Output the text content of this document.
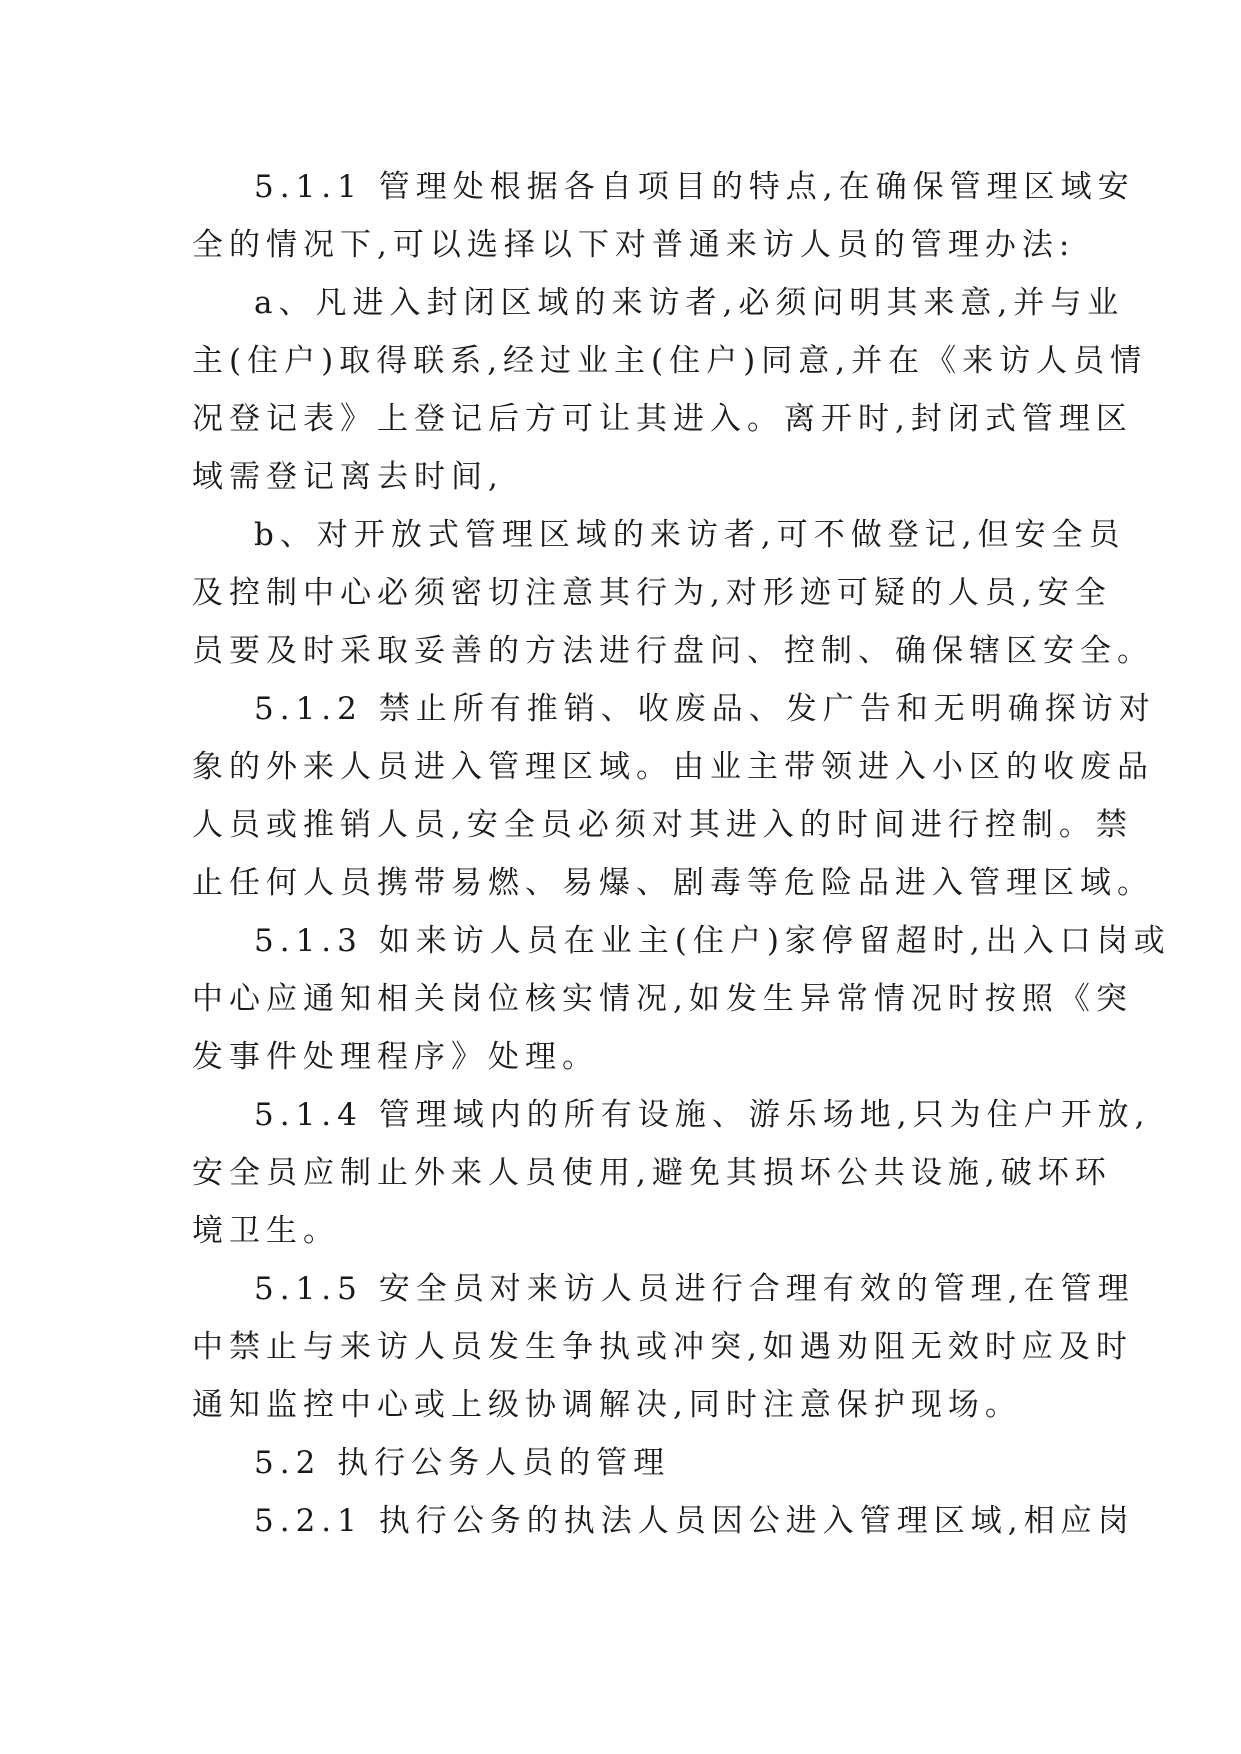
5.1.1 管理处根据各自项目的特点,在确保管理区域安
全的情况下,可以选择以下对普通来访人员的管理办法:
a、凡进入封闭区域的来访者,必须问明其来意,并与业
主(住户)取得联系,经过业主(住户)同意,并在《来访人员情
况登记表》上登记后方可让其进入。离开时,封闭式管理区
域需登记离去时间,
b、对开放式管理区域的来访者,可不做登记,但安全员
及控制中心必须密切注意其行为,对形迹可疑的人员,安全
员要及时采取妥善的方法进行盘问、控制、确保辖区安全。
5.1.2 禁止所有推销、收废品、发广告和无明确探访对
象的外来人员进入管理区域。由业主带领进入小区的收废品
人员或推销人员,安全员必须对其进入的时间进行控制。禁
止任何人员携带易燃、易爆、剧毒等危险品进入管理区域。
5.1.3 如来访人员在业主(住户)家停留超时,出入口岗或
中心应通知相关岗位核实情况,如发生异常情况时按照《突
发事件处理程序》处理。
5.1.4 管理域内的所有设施、游乐场地,只为住户开放,
安全员应制止外来人员使用,避免其损坏公共设施,破坏环
境卫生。
5.1.5 安全员对来访人员进行合理有效的管理,在管理
中禁止与来访人员发生争执或冲突,如遇劝阻无效时应及时
通知监控中心或上级协调解决,同时注意保护现场。
5.2 执行公务人员的管理
5.2.1 执行公务的执法人员因公进入管理区域,相应岗
